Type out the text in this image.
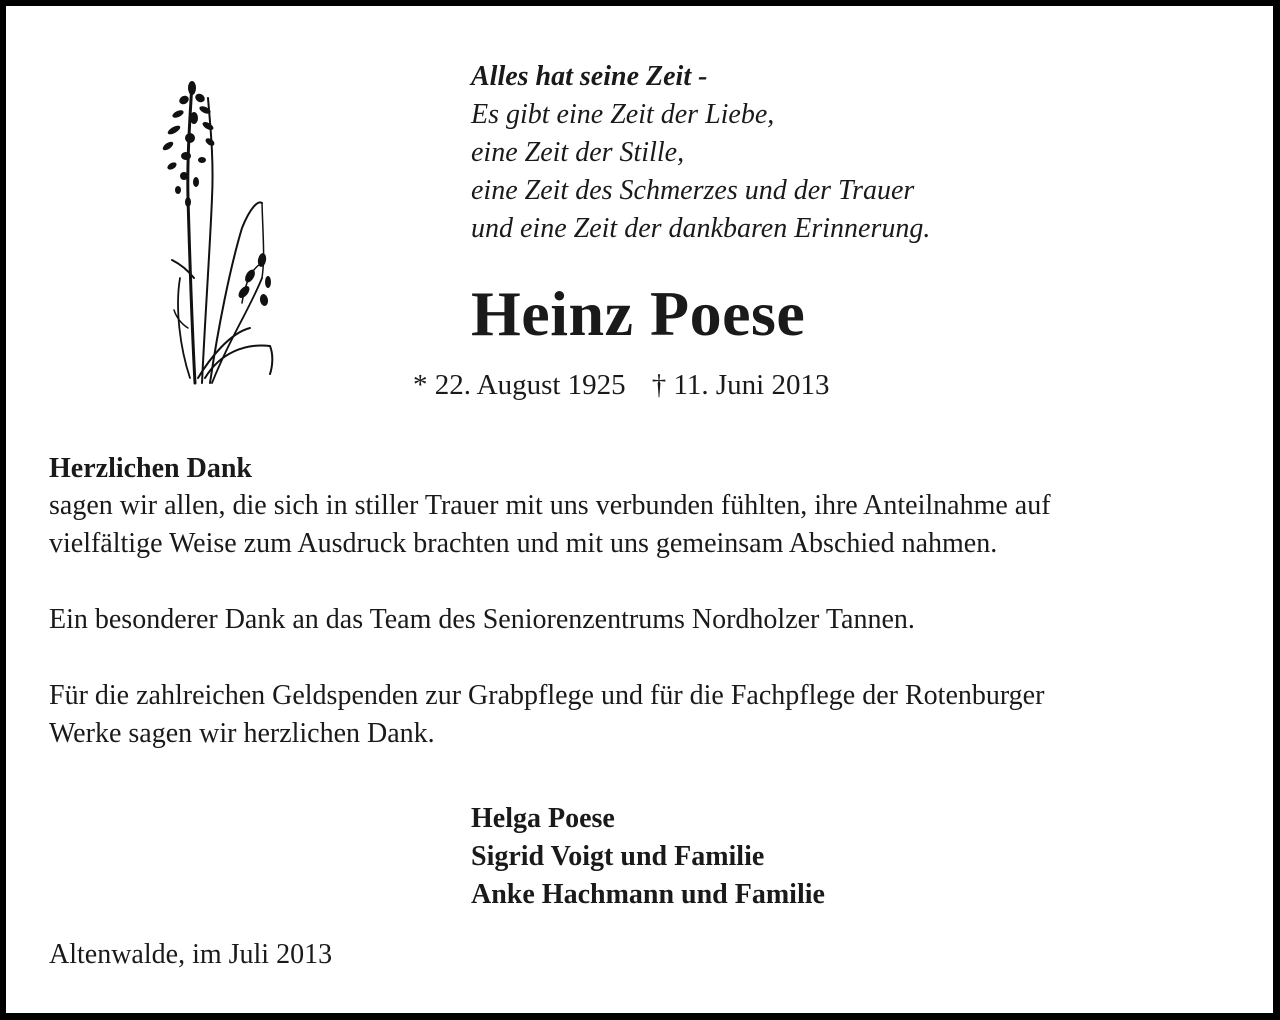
Alles hat seine Zeit -
Es gibt eine Zeit der Liebe,
eine Zeit der Stille,
eine Zeit des Schmerzes und der Trauer
und eine Zeit der dankbaren Erinnerung.
Heinz Poese
* 22. August 1925 † 11. Juni 2013
Herzlichen Dank
sagen wir allen, die sich in stiller Trauer mit uns verbunden fühlten, ihre Anteilnahme auf
vielfältige Weise zum Ausdruck brachten und mit uns gemeinsam Abschied nahmen.
Ein besonderer Dank an das Team des Seniorenzentrums Nordholzer Tannen.
Für die zahlreichen Geldspenden zur Grabpflege und für die Fachpflege der Rotenburger
Werke sagen wir herzlichen Dank.
Helga Poese
Sigrid Voigt und Familie
Anke Hachmann und Familie
Altenwalde, im Juli 2013
